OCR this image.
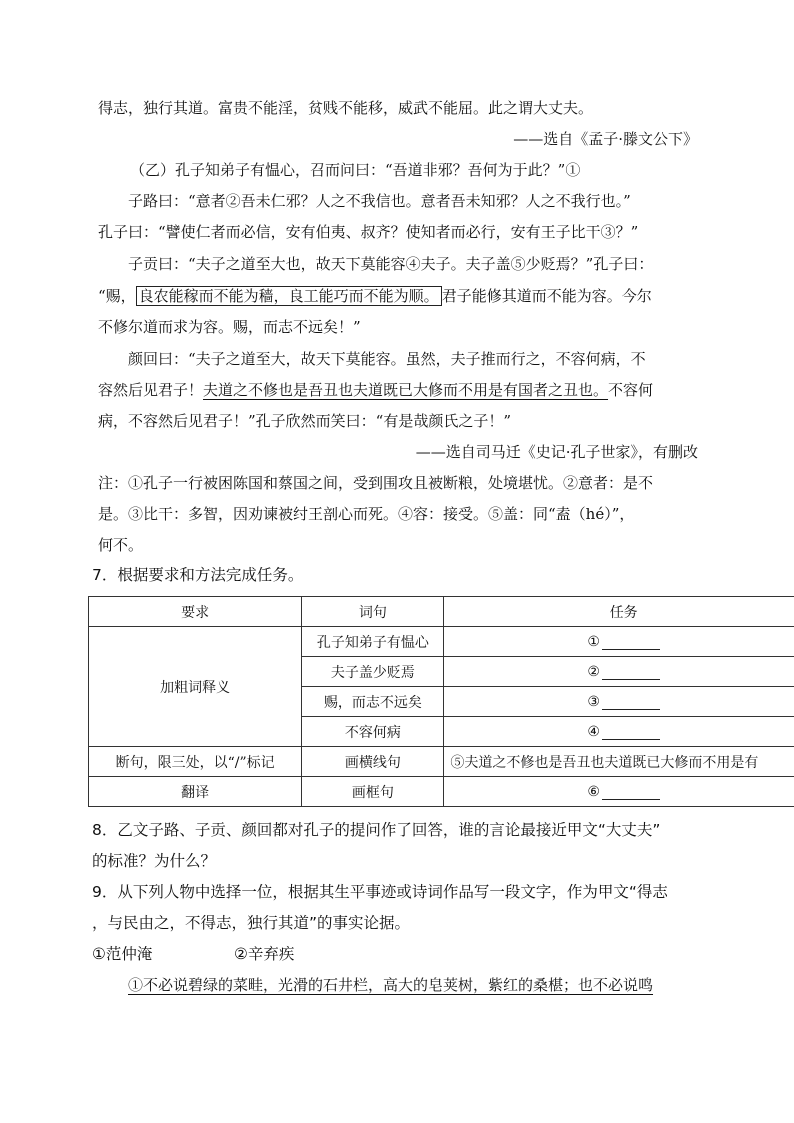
得志，独行其道。富贵不能淫，贫贱不能移，威武不能屈。此之谓大丈夫。
——选自《孟子·滕文公下》
（乙）孔子知弟子有愠心，召而问曰：“吾道非邪？吾何为于此？”①
子路曰：“意者②吾未仁邪？人之不我信也。意者吾未知邪？人之不我行也。”
孔子曰：“譬使仁者而必信，安有伯夷、叔齐？使知者而必行，安有王子比干③？”
子贡曰：“夫子之道至大也，故天下莫能容④夫子。夫子盖⑤少贬焉？”孔子曰：
“赐， 良农能稼而不能为穑，良工能巧而不能为顺。 君子能修其道而不能为容。今尔
不修尔道而求为容。赐，而志不远矣！”
颜回曰：“夫子之道至大，故天下莫能容。虽然，夫子推而行之，不容何病，不
容然后见君子！夫道之不修也是吾丑也夫道既已大修而不用是有国者之丑也。不容何
病，不容然后见君子！”孔子欣然而笑曰：“有是哉颜氏之子！”
——选自司马迁《史记·孔子世家》，有删改
注：①孔子一行被困陈国和蔡国之间，受到围攻且被断粮，处境堪忧。②意者：是不
是。③比干：多智，因劝谏被纣王剖心而死。④容：接受。⑤盖：同“盍（hé）”，
何不。
7．根据要求和方法完成任务。
要求	词句	任务
加粗词释义	孔子知弟子有愠心	①
	夫子盖少贬焉	②
	赐，而志不远矣	③
	不容何病	④
断句，限三处，以“/”标记	画横线句	⑤夫道之不修也是吾丑也夫道既已大修而不用是有
翻译	画框句	⑥
8．乙文子路、子贡、颜回都对孔子的提问作了回答，谁的言论最接近甲文“大丈夫”
的标准？为什么？
9．从下列人物中选择一位，根据其生平事迹或诗词作品写一段文字，作为甲文“得志
，与民由之，不得志，独行其道”的事实论据。
①范仲淹	②辛弃疾
①不必说碧绿的菜畦，光滑的石井栏，高大的皂荚树，紫红的桑椹；也不必说鸣
